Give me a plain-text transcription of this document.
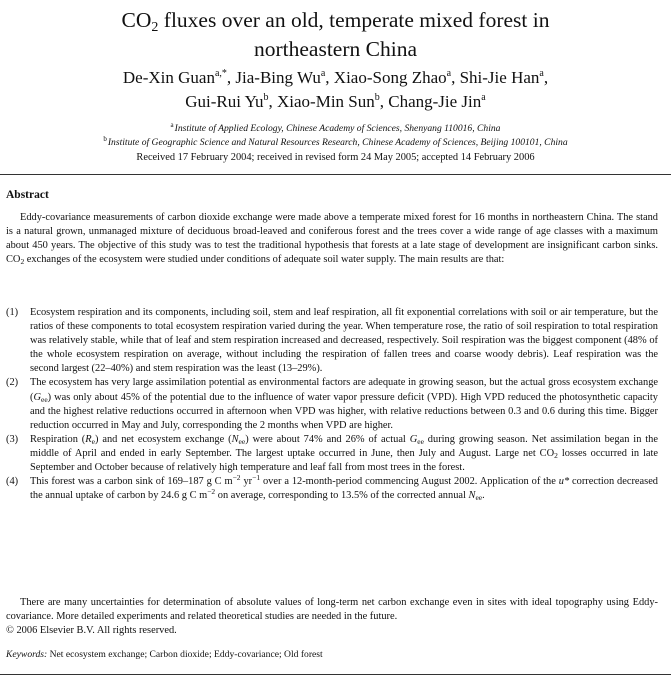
$CO_2$ fluxes over an old, temperate mixed forest in
northeastern China
De-Xin Guan$^{a,*}$, Jia-Bing Wu$^a$, Xiao-Song Zhao$^a$, Shi-Jie Han$^a$,
Gui-Rui Yu$^b$, Xiao-Min Sun$^b$, Chang-Jie Jin$^a$
$^a$Institute of Applied Ecology, Chinese Academy of Sciences, Shenyang 110016, China
$^b$Institute of Geographic Science and Natural Resources Research, Chinese Academy of Sciences, Beijing 100101, China
Received 17 February 2004; received in revised form 24 May 2005; accepted 14 February 2006
Abstract

Eddy-covariance measurements of carbon dioxide exchange were made above a temperate mixed forest for 16 months in northeastern China. The stand is a natural grown, unmanaged mixture of deciduous broad-leaved and coniferous forest and the trees cover a wide range of age classes with a maximum about 450 years. The objective of this study was to test the traditional hypothesis that forests at a late stage of development are insignificant carbon sinks. $CO_2$ exchanges of the ecosystem were studied under conditions of adequate soil water supply. The main results are that:

(1) Ecosystem respiration and its components, including soil, stem and leaf respiration, all fit exponential correlations with soil or air temperature, but the ratios of these components to total ecosystem respiration varied during the year. When temperature rose, the ratio of soil respiration to total respiration was relatively stable, while that of leaf and stem respiration increased and decreased, respectively. Soil respiration was the biggest component (48% of the whole ecosystem respiration on average, without including the respiration of fallen trees and coarse woody debris). Leaf respiration was the second largest (22–40%) and stem respiration was the least (13–29%).
(2) The ecosystem has very large assimilation potential as environmental factors are adequate in growing season, but the actual gross ecosystem exchange $(G_{ee})$ was only about 45% of the potential due to the influence of water vapor pressure deficit (VPD). High VPD reduced the photosynthetic capacity and the highest relative reductions occurred in afternoon when VPD was higher, with relative reductions between 0.3 and 0.6 during this time. Bigger reduction occurred in May and July, corresponding the 2 months when VPD are higher.
(3) Respiration $(R_e)$ and net ecosystem exchange $(N_{ee})$ were about 74% and 26% of actual $G_{ee}$ during growing season. Net assimilation began in the middle of April and ended in early September. The largest uptake occurred in June, then July and August. Large net $CO_2$ losses occurred in late September and October because of relatively high temperature and leaf fall from most trees in the forest.
(4) This forest was a carbon sink of 169–187 g C $m^{-2}$ $yr^{-1}$ over a 12-month-period commencing August 2002. Application of the u* correction decreased the annual uptake of carbon by 24.6 g C $m^{-2}$ on average, corresponding to 13.5% of the corrected annual $N_{ee}$.

There are many uncertainties for determination of absolute values of long-term net carbon exchange even in sites with ideal topography using Eddy-covariance. More detailed experiments and related theoretical studies are needed in the future.

© 2006 Elsevier B.V. All rights reserved.
Keywords: Net ecosystem exchange; Carbon dioxide; Eddy-covariance; Old forest
